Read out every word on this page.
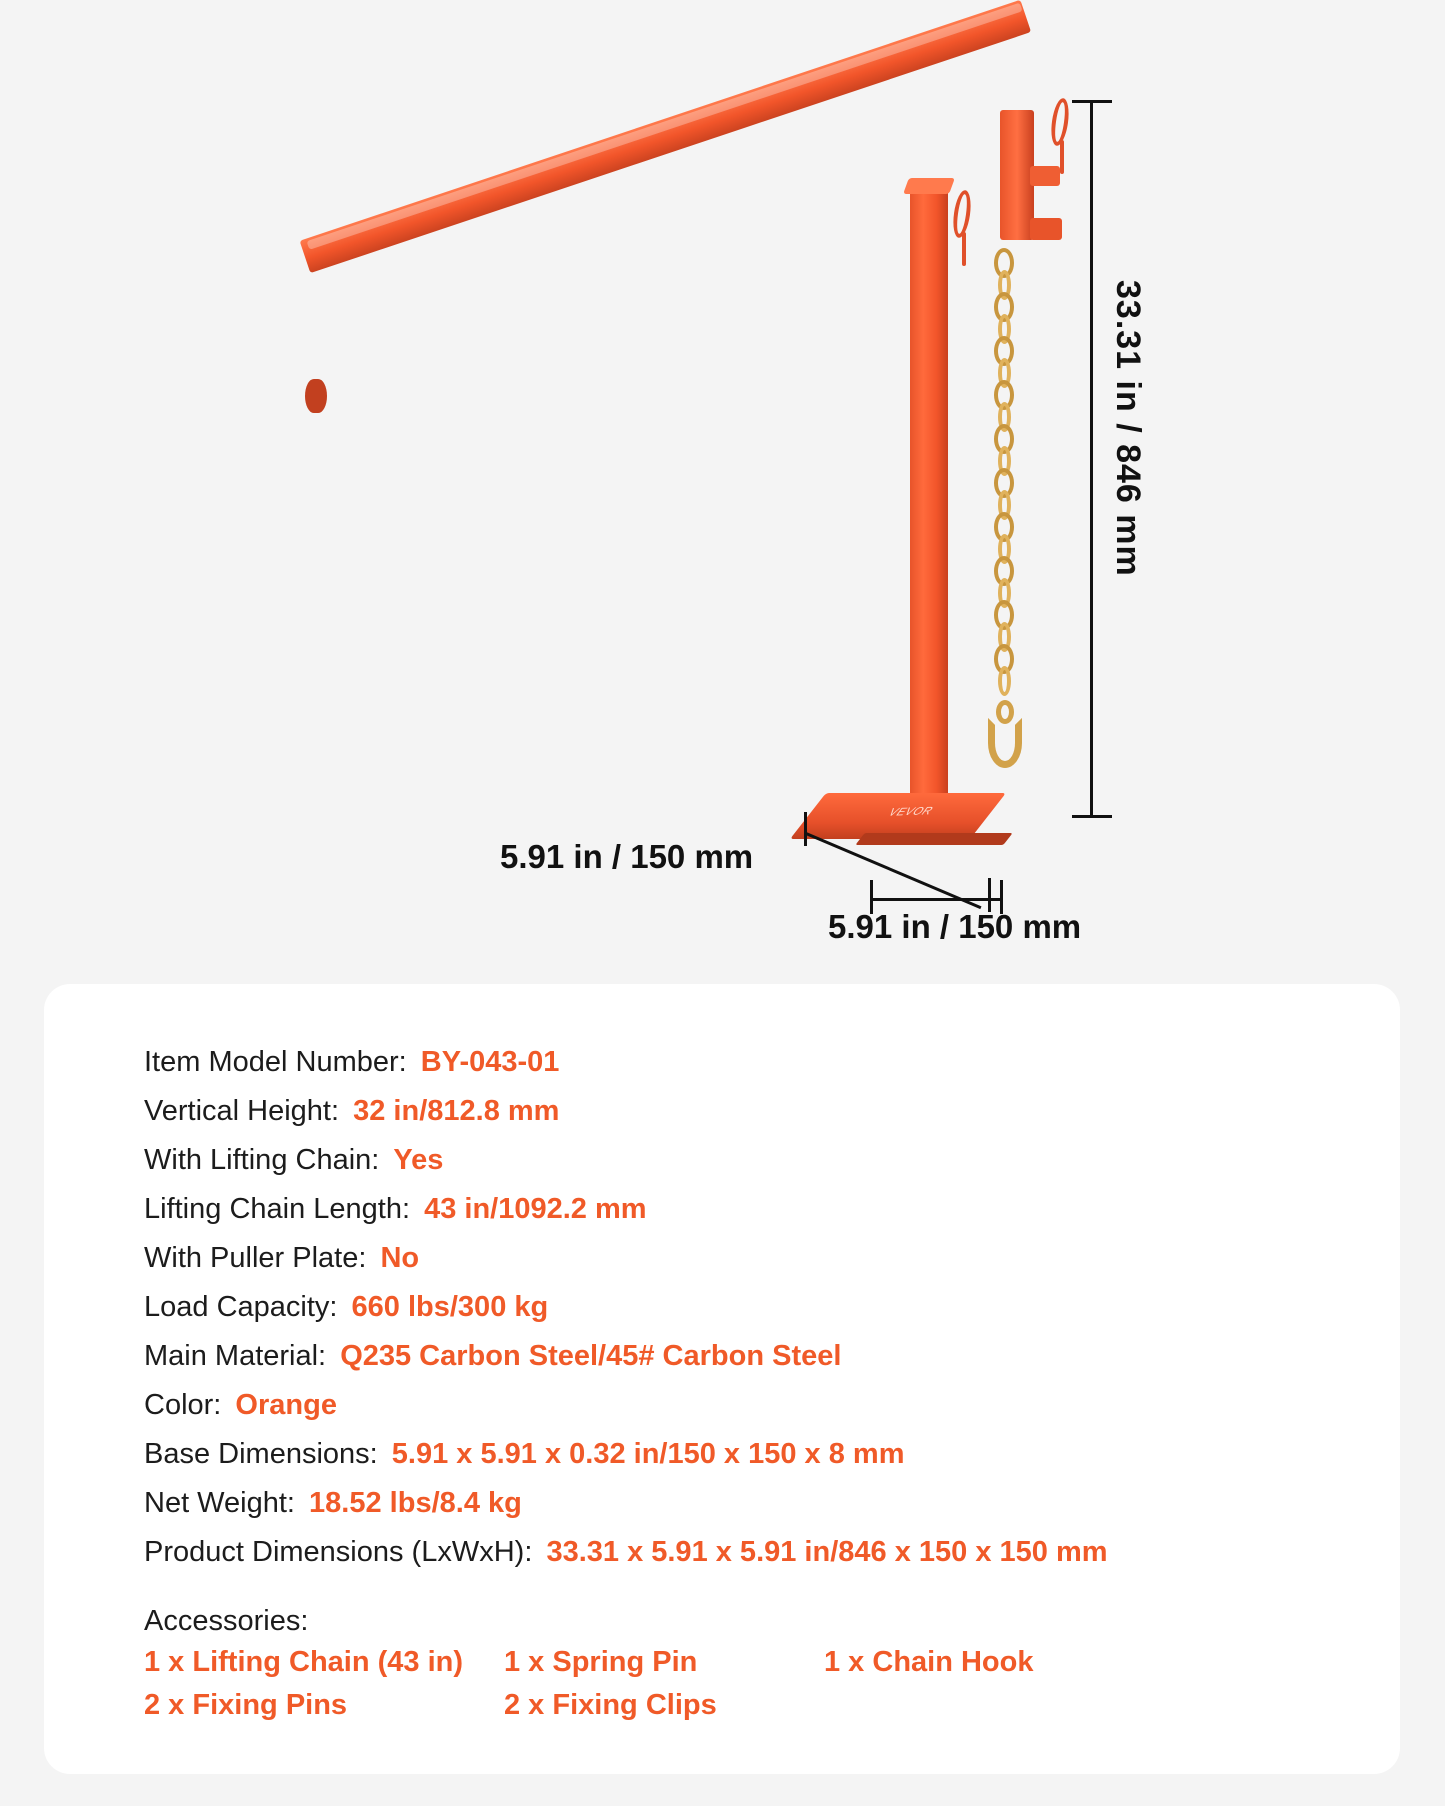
VEVOR
33.31 in / 846 mm
5.91 in / 150 mm
5.91 in / 150 mm
Item Model Number: BY-043-01
Vertical Height: 32 in/812.8 mm
With Lifting Chain: Yes
Lifting Chain Length: 43 in/1092.2 mm
With Puller Plate: No
Load Capacity: 660 lbs/300 kg
Main Material: Q235 Carbon Steel/45# Carbon Steel
Color: Orange
Base Dimensions: 5.91 x 5.91 x 0.32 in/150 x 150 x 8 mm
Net Weight: 18.52 lbs/8.4 kg
Product Dimensions (LxWxH): 33.31 x 5.91 x 5.91 in/846 x 150 x 150 mm
Accessories:
1 x Lifting Chain (43 in)	1 x Spring Pin	1 x Chain Hook
2 x Fixing Pins	2 x Fixing Clips
